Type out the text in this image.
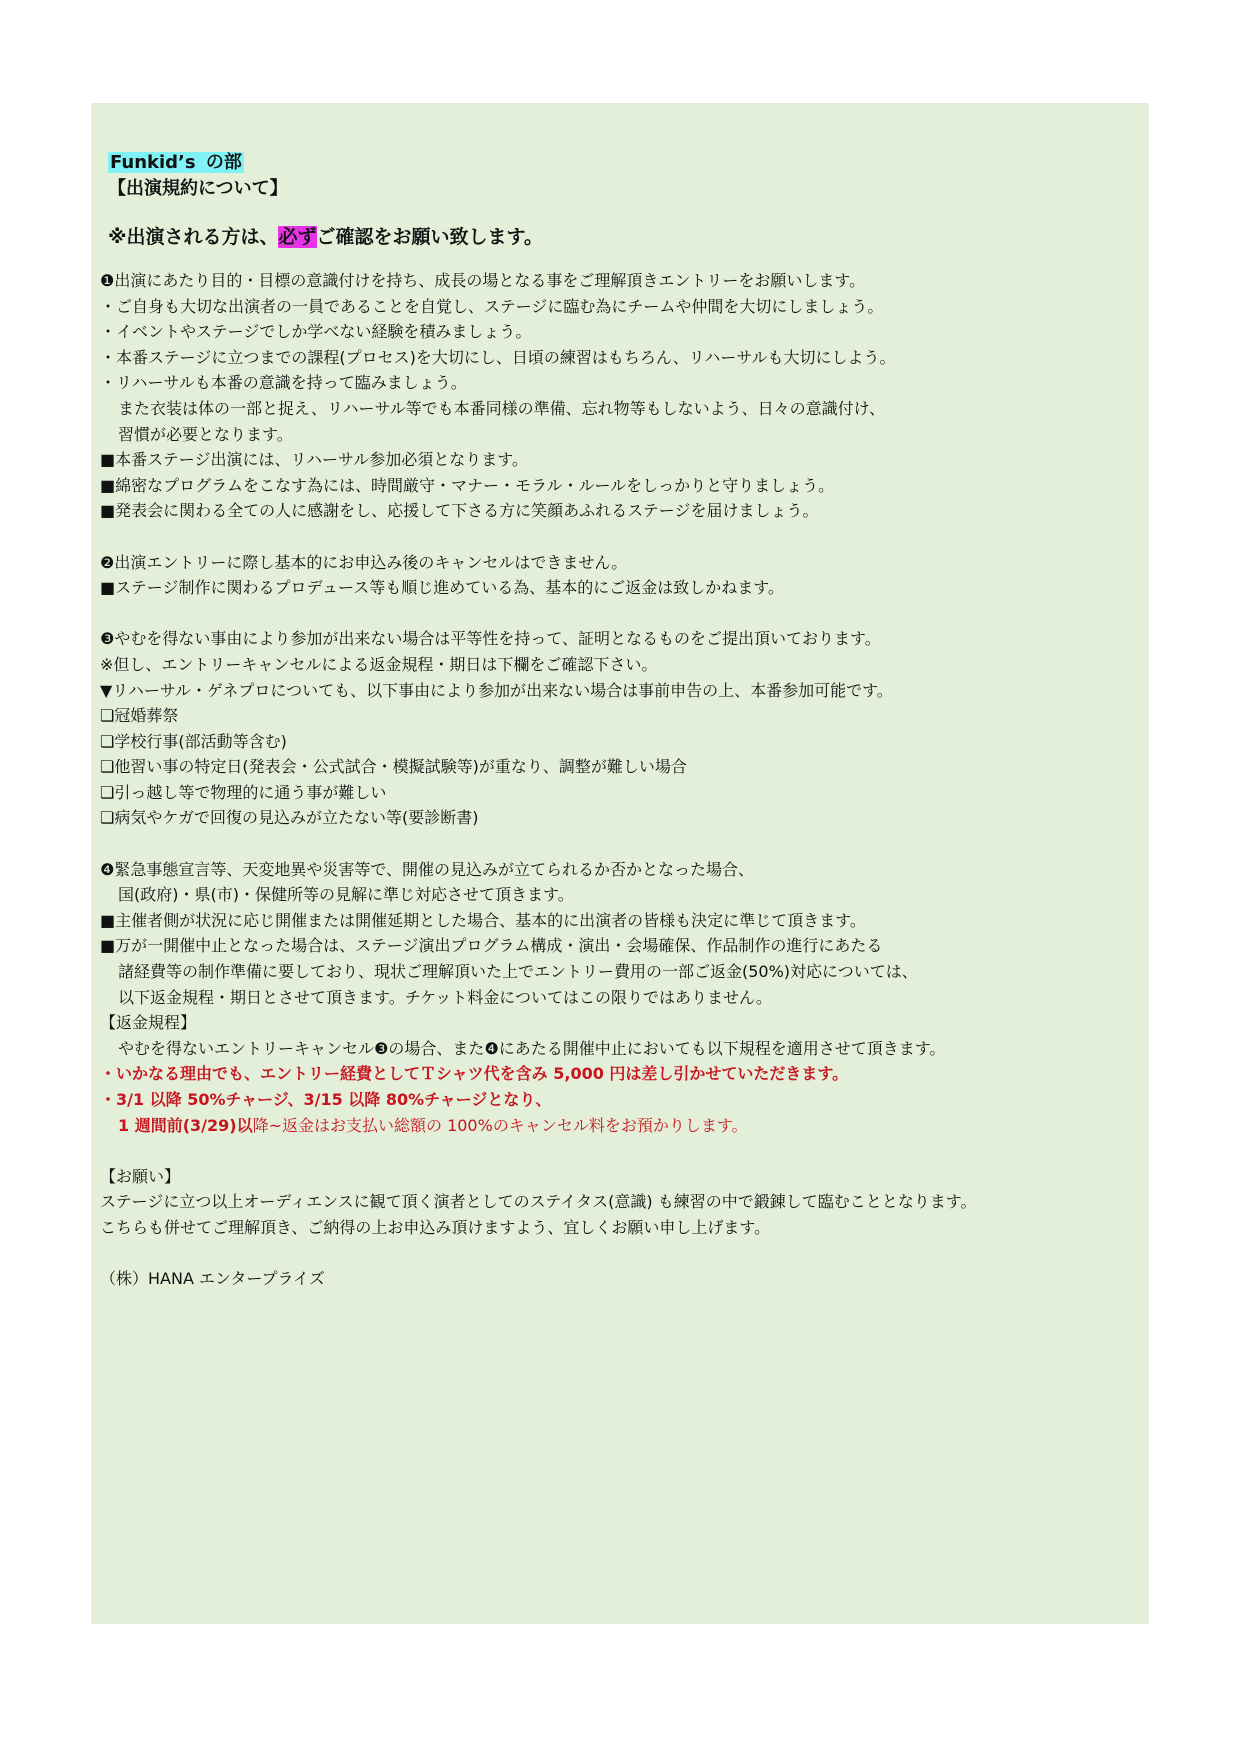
Funkid’s の部
【出演規約について】
※出演される方は、必ずご確認をお願い致します。
❶出演にあたり目的・目標の意識付けを持ち、成長の場となる事をご理解頂きエントリーをお願いします。
・ご自身も大切な出演者の一員であることを自覚し、ステージに臨む為にチームや仲間を大切にしましょう。
・イベントやステージでしか学べない経験を積みましょう。
・本番ステージに立つまでの課程(プロセス)を大切にし、日頃の練習はもちろん、リハーサルも大切にしよう。
・リハーサルも本番の意識を持って臨みましょう。
また衣装は体の一部と捉え、リハーサル等でも本番同様の準備、忘れ物等もしないよう、日々の意識付け、
習慣が必要となります。
■本番ステージ出演には、リハーサル参加必須となります。
■綿密なプログラムをこなす為には、時間厳守・マナー・モラル・ルールをしっかりと守りましょう。
■発表会に関わる全ての人に感謝をし、応援して下さる方に笑顔あふれるステージを届けましょう。
❷出演エントリーに際し基本的にお申込み後のキャンセルはできません。
■ステージ制作に関わるプロデュース等も順じ進めている為、基本的にご返金は致しかねます。
❸やむを得ない事由により参加が出来ない場合は平等性を持って、証明となるものをご提出頂いております。
※但し、エントリーキャンセルによる返金規程・期日は下欄をご確認下さい。
▼リハーサル・ゲネプロについても、以下事由により参加が出来ない場合は事前申告の上、本番参加可能です。
❏冠婚葬祭
❏学校行事(部活動等含む)
❏他習い事の特定日(発表会・公式試合・模擬試験等)が重なり、調整が難しい場合
❏引っ越し等で物理的に通う事が難しい
❏病気やケガで回復の見込みが立たない等(要診断書)
❹緊急事態宣言等、天変地異や災害等で、開催の見込みが立てられるか否かとなった場合、
国(政府)・県(市)・保健所等の見解に準じ対応させて頂きます。
■主催者側が状況に応じ開催または開催延期とした場合、基本的に出演者の皆様も決定に準じて頂きます。
■万が一開催中止となった場合は、ステージ演出プログラム構成・演出・会場確保、作品制作の進行にあたる
諸経費等の制作準備に要しており、現状ご理解頂いた上でエントリー費用の一部ご返金(50%)対応については、
以下返金規程・期日とさせて頂きます。チケット料金についてはこの限りではありません。
【返金規程】
やむを得ないエントリーキャンセル❸の場合、また❹にあたる開催中止においても以下規程を適用させて頂きます。
・いかなる理由でも、エントリー経費としてＴシャツ代を含み 5,000 円は差し引かせていただきます。
・3/1 以降 50%チャージ、3/15 以降 80%チャージとなり、
1 週間前(3/29)以降~返金はお支払い総額の 100%のキャンセル料をお預かりします。
【お願い】
ステージに立つ以上オーディエンスに観て頂く演者としてのステイタス(意識) も練習の中で鍛錬して臨むこととなります。
こちらも併せてご理解頂き、ご納得の上お申込み頂けますよう、宜しくお願い申し上げます。
（株）HANA エンタープライズ
